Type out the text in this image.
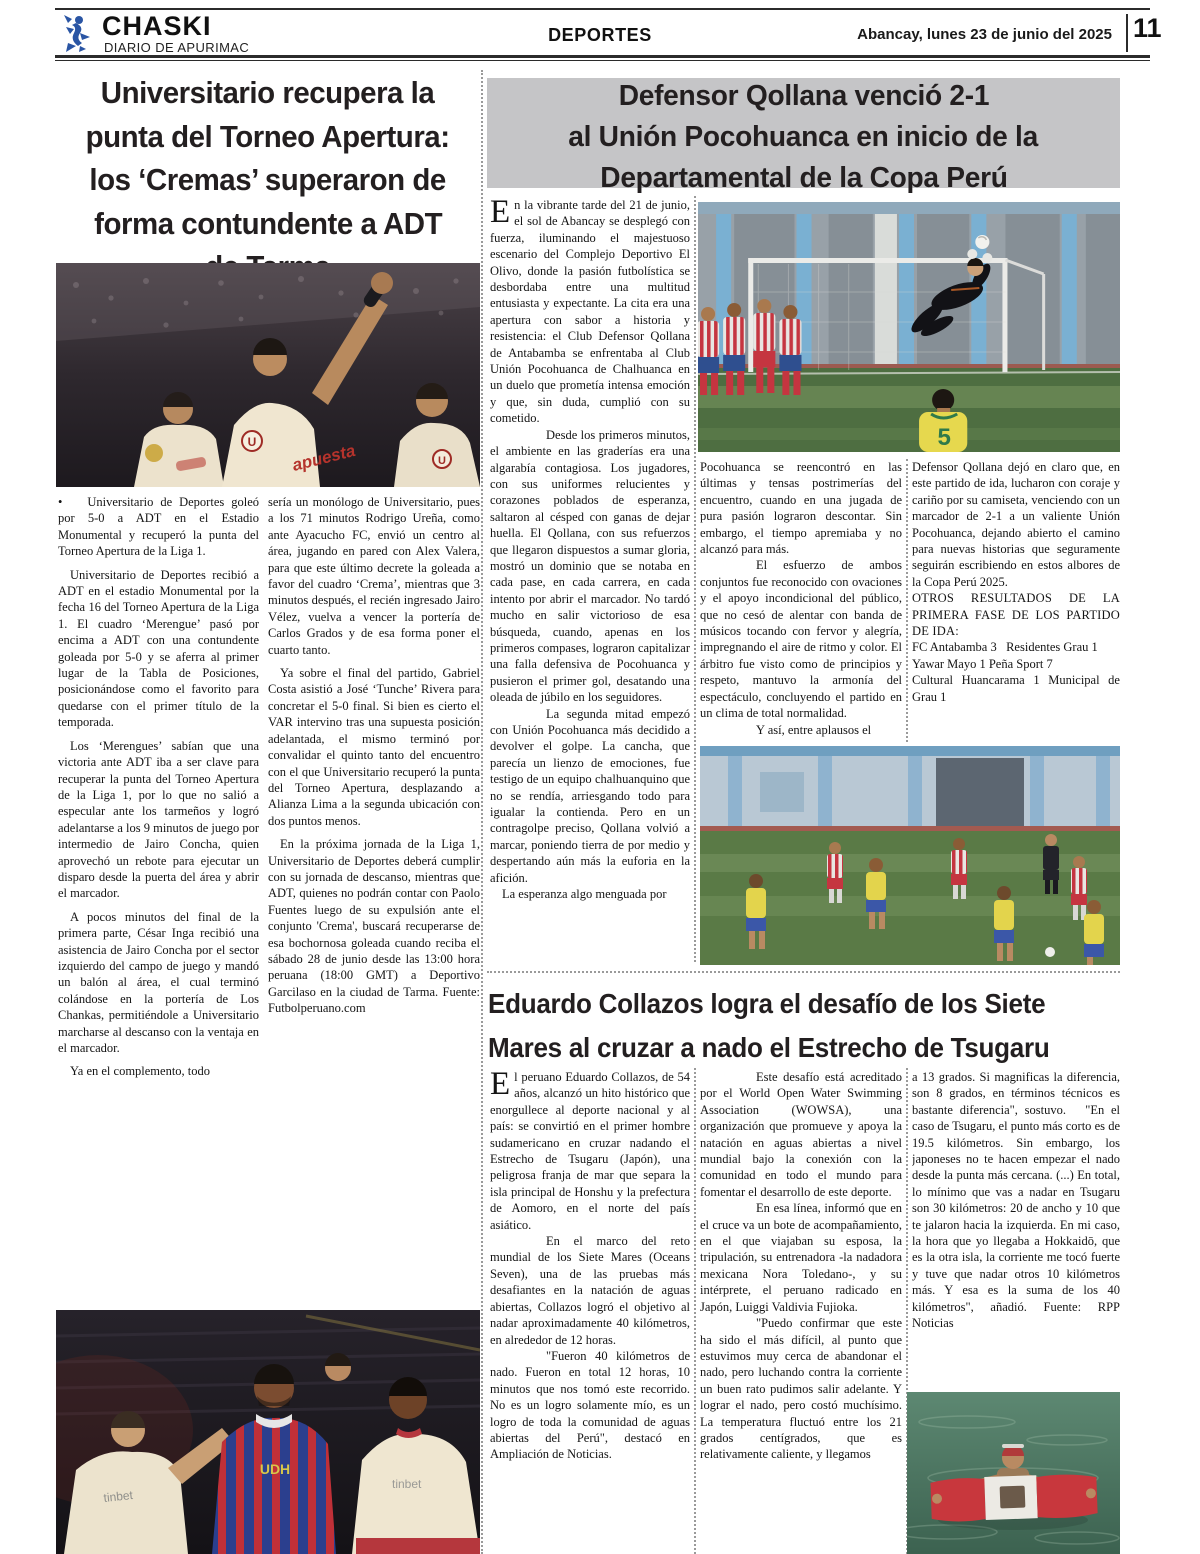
CHASKI
DIARIO DE APURIMAC
DEPORTES	Abancay, lunes 23 de junio del 2025 11
Universitario recupera la
punta del Torneo Apertura:
los ‘Cremas’ superaron de
forma contundente a ADT
U
U apuesta

•  Universitario de Deportes goleó por 5-0 a ADT en el Estadio Monumental y recuperó la punta del Torneo Apertura de la Liga 1.

Universitario de Deportes recibió a ADT en el estadio Monumental por la fecha 16 del Torneo Apertura de la Liga 1. El cuadro ‘Merengue’ pasó por encima a ADT con una contundente goleada por 5-0 y se aferra al primer lugar de la Tabla de Posiciones, posicionándose como el favorito para quedarse con el primer título de la temporada.

Los ‘Merengues’ sabían que una victoria ante ADT iba a ser clave para recuperar la punta del Torneo Apertura de la Liga 1, por lo que no salió a especular ante los tarmeños y logró adelantarse a los 9 minutos de juego por intermedio de Jairo Concha, quien aprovechó un rebote para ejecutar un disparo desde la puerta del área y abrir el marcador.

A pocos minutos del final de la primera parte, César Inga recibió una asistencia de Jairo Concha por el sector izquierdo del campo de juego y mandó un balón al área, el cual terminó colándose en la portería de Los Chankas, permitiéndole a Universitario marcharse al descanso con la ventaja en el marcador.

Ya en el complemento, todo

sería un monólogo de Universitario, pues a los 71 minutos Rodrigo Ureña, como ante Ayacucho FC, envió un centro al área, jugando en pared con Alex Valera, para que este último decrete la goleada a favor del cuadro ‘Crema’, mientras que 3 minutos después, el recién ingresado Jairo Vélez, vuelva a vencer la portería de Carlos Grados y de esa forma poner el cuarto tanto.

Ya sobre el final del partido, Gabriel Costa asistió a José ‘Tunche’ Rivera para concretar el 5-0 final. Si bien es cierto el VAR intervino tras una supuesta posición adelantada, el mismo terminó por convalidar el quinto tanto del encuentro con el que Universitario recuperó la punta del Torneo Apertura, desplazando a Alianza Lima a la segunda ubicación con dos puntos menos.

En la próxima jornada de la Liga 1, Universitario de Deportes deberá cumplir con su jornada de descanso, mientras que ADT, quienes no podrán contar con Paolo Fuentes luego de su expulsión ante el conjunto 'Crema', buscará recuperarse de esa bochornosa goleada cuando reciba el sábado 28 de junio desde las 13:00 hora peruana (18:00 GMT) a Deportivo Garcilaso en la ciudad de Tarma. Fuente: Futbolperuano.com

tinbet
UDH
tinbet
Defensor Qollana venció 2-1
al Unión Pocohuanca en inicio de la
Departamental de la Copa Perú

En la vibrante tarde del 21 de junio, el sol de Abancay se desplegó con fuerza, iluminando el majestuoso escenario del Complejo Deportivo El Olivo, donde la pasión futbolística se desbordaba entre una multitud entusiasta y expectante. La cita era una apertura con sabor a historia y resistencia: el Club Defensor Qollana de Antabamba se enfrentaba al Club Unión Pocohuanca de Chalhuanca en un duelo que prometía intensa emoción y que, sin duda, cumplió con su cometido.

Desde los primeros minutos, el ambiente en las graderías era una algarabía contagiosa. Los jugadores, con sus uniformes relucientes y corazones poblados de esperanza, saltaron al césped con ganas de dejar huella. El Qollana, con sus refuerzos que llegaron dispuestos a sumar gloria, mostró un dominio que se notaba en cada pase, en cada carrera, en cada intento por abrir el marcador. No tardó mucho en salir victorioso de esa búsqueda, cuando, apenas en los primeros compases, lograron capitalizar una falla defensiva de Pocohuanca y pusieron el primer gol, desatando una oleada de júbilo en los seguidores.

La segunda mitad empezó con Unión Pocohuanca más decidido a devolver el golpe. La cancha, que parecía un lienzo de emociones, fue testigo de un equipo chalhuanquino que no se rendía, arriesgando todo para igualar la contienda. Pero en un contragolpe preciso, Qollana volvió a marcar, poniendo tierra de por medio y despertando aún más la euforia en la afición.

La esperanza algo menguada por

5

Pocohuanca se reencontró en las últimas y tensas postrimerías del encuentro, cuando en una jugada de pura pasión lograron descontar. Sin embargo, el tiempo apremiaba y no alcanzó para más.

El esfuerzo de ambos conjuntos fue reconocido con ovaciones y el apoyo incondicional del público, que no cesó de alentar con banda de músicos tocando con fervor y alegría, impregnando el aire de ritmo y color. El árbitro fue visto como de principios y respeto, mantuvo la armonía del espectáculo, concluyendo el partido en un clima de total normalidad.

Y así, entre aplausos el

Defensor Qollana dejó en claro que, en este partido de ida, lucharon con coraje y cariño por su camiseta, venciendo con un marcador de 2-1 a un valiente Unión Pocohuanca, dejando abierto el camino para nuevas historias que seguramente seguirán escribiendo en estos albores de la Copa Perú 2025.

OTROS RESULTADOS DE LA PRIMERA FASE DE LOS PARTIDO DE IDA:

FC Antabamba 3  Residentes Grau 1

Yawar Mayo 1 Peña Sport 7

Cultural Huancarama 1 Municipal de Grau 1

Eduardo Collazos logra el desafío de los Siete
Mares al cruzar a nado el Estrecho de Tsugaru

El peruano Eduardo Collazos, de 54 años, alcanzó un hito histórico que enorgullece al deporte nacional y al país: se convirtió en el primer hombre sudamericano en cruzar nadando el Estrecho de Tsugaru (Japón), una peligrosa franja de mar que separa la isla principal de Honshu y la prefectura de Aomoro, en el norte del país asiático.

En el marco del reto mundial de los Siete Mares (Oceans Seven), una de las pruebas más desafiantes en la natación de aguas abiertas, Collazos logró el objetivo al nadar aproximadamente 40 kilómetros, en alrededor de 12 horas.

"Fueron 40 kilómetros de nado. Fueron en total 12 horas, 10 minutos que nos tomó este recorrido. No es un logro solamente mío, es un logro de toda la comunidad de aguas abiertas del Perú", destacó en Ampliación de Noticias.

Este desafío está acreditado por el World Open Water Swimming Association (WOWSA), una organización que promueve y apoya la natación en aguas abiertas a nivel mundial bajo la conexión con la comunidad en todo el mundo para fomentar el desarrollo de este deporte.

En esa línea, informó que en el cruce va un bote de acompañamiento, en el que viajaban su esposa, la tripulación, su entrenadora -la nadadora mexicana Nora Toledano-, y su intérprete, el peruano radicado en Japón, Luiggi Valdivia Fujioka.

"Puedo confirmar que este ha sido el más difícil, al punto que estuvimos muy cerca de abandonar el nado, pero luchando contra la corriente un buen rato pudimos salir adelante. Y lograr el nado, pero costó muchísimo. La temperatura fluctuó entre los 21 grados centígrados, que es relativamente caliente, y llegamos

a 13 grados. Si magnificas la diferencia, son 8 grados, en términos técnicos es bastante diferencia", sostuvo.  "En el caso de Tsugaru, el punto más corto es de 19.5 kilómetros. Sin embargo, los japoneses no te hacen empezar el nado desde la punta más cercana. (...) En total, lo mínimo que vas a nadar en Tsugaru son 30 kilómetros: 20 de ancho y 10 que te jalaron hacia la izquierda. En mi caso, la hora que yo llegaba a Hokkaidō, que es la otra isla, la corriente me tocó fuerte y tuve que nadar otros 10 kilómetros más. Y esa es la suma de los 40 kilómetros", añadió. Fuente: RPP Noticias
